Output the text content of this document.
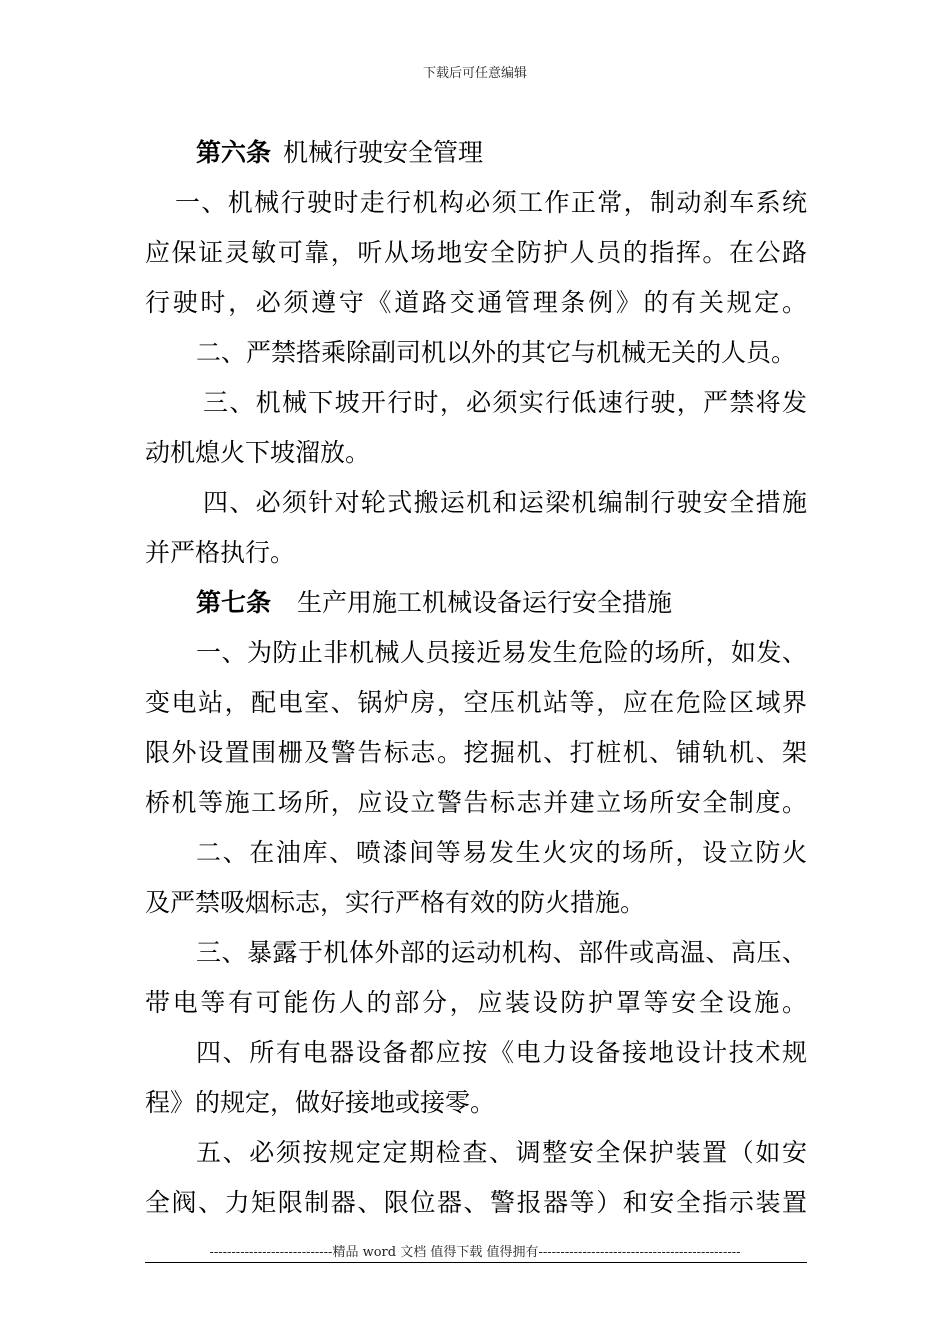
下载后可任意编辑
第六条 机械行驶安全管理
一、机械行驶时走行机构必须工作正常，制动刹车系统
应保证灵敏可靠，听从场地安全防护人员的指挥。在公路
行驶时，必须遵守《道路交通管理条例》的有关规定。
二、严禁搭乘除副司机以外的其它与机械无关的人员。
三、机械下坡开行时，必须实行低速行驶，严禁将发
动机熄火下坡溜放。
四、必须针对轮式搬运机和运梁机编制行驶安全措施
并严格执行。
第七条 生产用施工机械设备运行安全措施
一、为防止非机械人员接近易发生危险的场所，如发、
变电站，配电室、锅炉房，空压机站等，应在危险区域界
限外设置围栅及警告标志。挖掘机、打桩机、铺轨机、架
桥机等施工场所，应设立警告标志并建立场所安全制度。
二、在油库、喷漆间等易发生火灾的场所，设立防火
及严禁吸烟标志，实行严格有效的防火措施。
三、暴露于机体外部的运动机构、部件或高温、高压、
带电等有可能伤人的部分，应装设防护罩等安全设施。
四、所有电器设备都应按《电力设备接地设计技术规
程》的规定，做好接地或接零。
五、必须按规定定期检查、调整安全保护装置（如安
全阀、力矩限制器、限位器、警报器等）和安全指示装置
----------------------------精品 word 文档 值得下载 值得拥有----------------------------------------------
